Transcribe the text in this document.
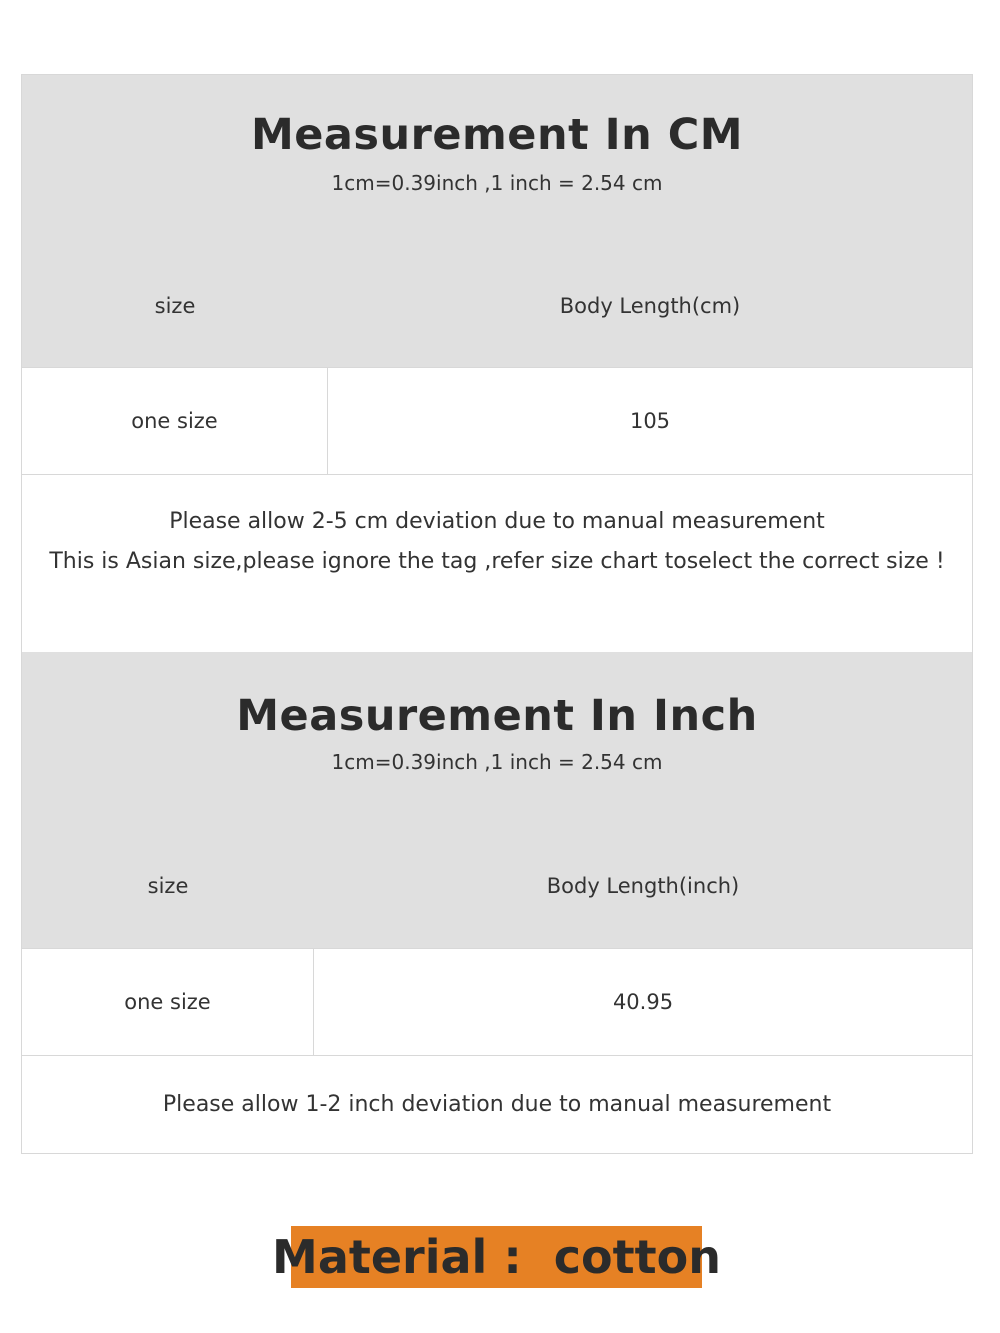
Measurement In CM
1cm=0.39inch ,1 inch = 2.54 cm
size	Body Length(cm)
one size	105
Please allow 2-5 cm deviation due to manual measurement
This is Asian size,please ignore the tag ,refer size chart toselect the correct size !
Measurement In Inch
1cm=0.39inch ,1 inch = 2.54 cm
size	Body Length(inch)
one size	40.95
Please allow 1-2 inch deviation due to manual measurement
Material :  cotton
